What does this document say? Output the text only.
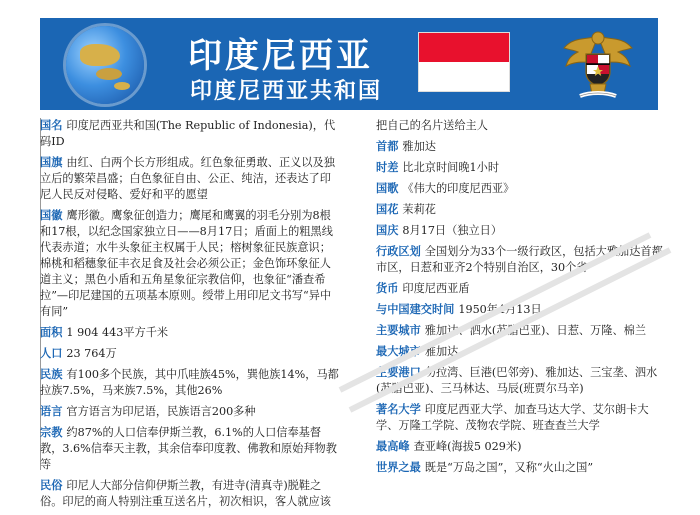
印度尼西亚
印度尼西亚共和国
国名 印度尼西亚共和国(The Republic of Indonesia)，代码ID
国旗 由红、白两个长方形组成。红色象征勇敢、正义以及独立后的繁荣昌盛；白色象征自由、公正、纯洁，还表达了印尼人民反对侵略、爱好和平的愿望
国徽 鹰形徽。鹰象征创造力；鹰尾和鹰翼的羽毛分别为8根和17根，以纪念国家独立日——8月17日；盾面上的粗黑线代表赤道；水牛头象征主权属于人民；榕树象征民族意识；棉桃和稻穗象征丰衣足食及社会必须公正；金色饰环象征人道主义；黑色小盾和五角星象征宗教信仰，也象征“潘查希拉”—印尼建国的五项基本原则。绶带上用印尼文书写“异中有同”
面积 1 904 443平方千米
人口 23 764万
民族 有100多个民族，其中爪哇族45%，巽他族14%，马都拉族7.5%，马来族7.5%，其他26%
语言 官方语言为印尼语，民族语言200多种
宗教 约87%的人口信奉伊斯兰教，6.1%的人口信奉基督教，3.6%信奉天主教，其余信奉印度教、佛教和原始拜物教等
民俗 印尼人大部分信仰伊斯兰教，有进寺(清真寺)脱鞋之俗。印尼的商人特别注重互送名片，初次相识，客人就应该
把自己的名片送给主人
首都 雅加达
时差 比北京时间晚1小时
国歌 《伟大的印度尼西亚》
国花 茉莉花
国庆 8月17日（独立日）
行政区划 全国划分为33个一级行政区，包括大雅加达首都市区，日惹和亚齐2个特别自治区，30个省
货币 印度尼西亚盾
与中国建交时间 1950年4月13日
主要城市 雅加达、泗水(苏腊巴亚)、日惹、万隆、棉兰
最大城市 雅加达
主要港口 勿拉湾、巨港(巴邻旁)、雅加达、三宝垄、泗水(苏腊巴亚)、三马林达、马辰(班贾尔马辛)
著名大学 印度尼西亚大学、加查马达大学、艾尔朗卡大学、万隆工学院、茂物农学院、班查查兰大学
最高峰 查亚峰(海拔5 029米)
世界之最 既是“万岛之国”，又称“火山之国”
